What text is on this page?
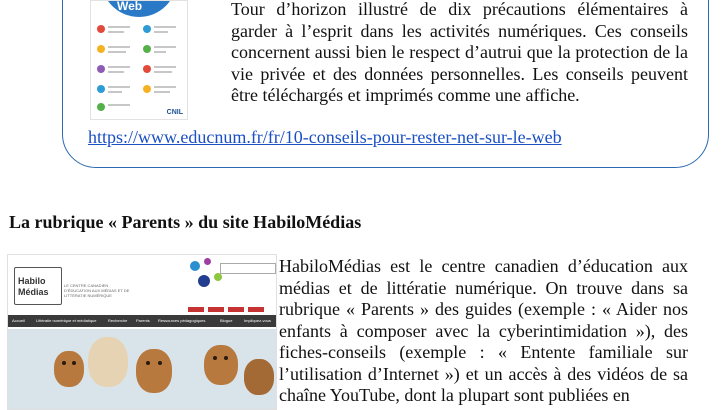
Web
CNIL

Tour d’horizon illustré de dix précautions élémentaires à garder à l’esprit dans les activités numériques. Ces conseils concernent aussi bien le respect d’autrui que la protection de la vie privée et des données personnelles. Les conseils peuvent être téléchargés et imprimés comme une affiche.

https://www.educnum.fr/fr/10-conseils-pour-rester-net-sur-le-web
La rubrique « Parents » du site HabiloMédias
Habilo
Médias
LE CENTRE CANADIEN D’ÉDUCATION AUX MÉDIAS ET DE LITTÉRATIE NUMÉRIQUE
Accueil	Littératie numérique et médiatique	Recherche Parents Ressources pédagogiques	Blogue	Impliquez-vous

HabiloMédias est le centre canadien d’éducation aux médias et de littératie numérique. On trouve dans sa rubrique « Parents » des guides (exemple : « Aider nos enfants à composer avec la cyberintimidation »), des fiches-conseils (exemple : « Entente familiale sur l’utilisation d’Internet ») et un accès à des vidéos de sa chaîne YouTube, dont la plupart sont publiées en
